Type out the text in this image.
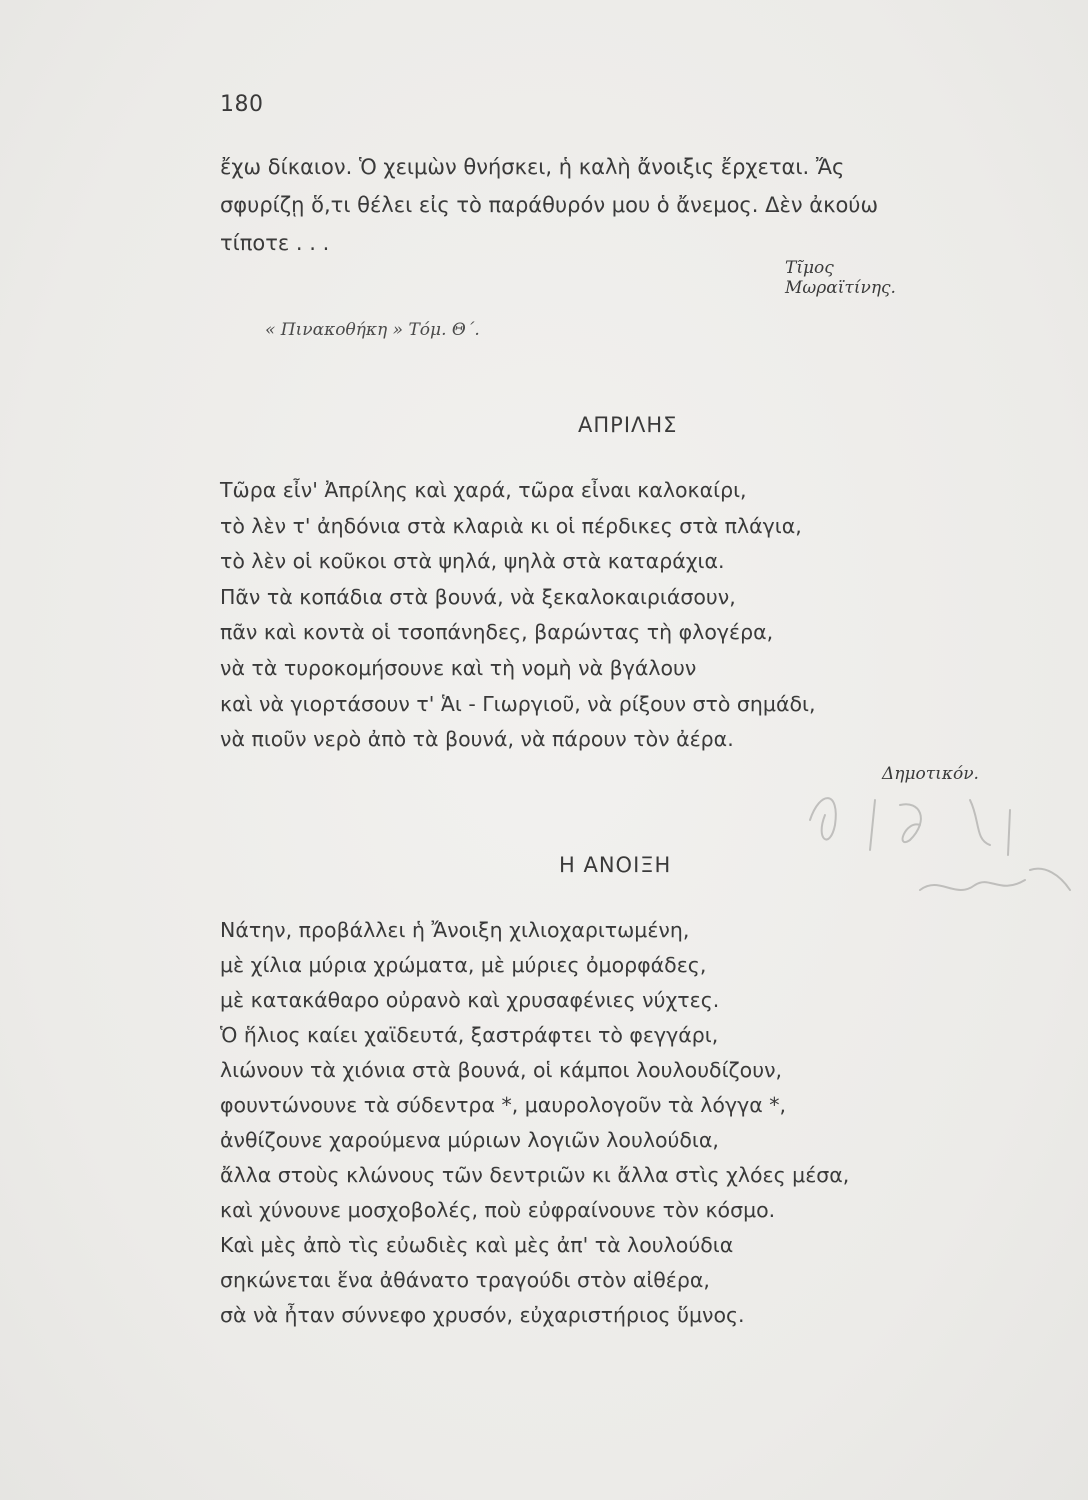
180
ἔχω δίκαιον. Ὁ χειμὼν θνήσκει, ἡ καλὴ ἄνοιξις ἔρχεται. Ἄς
σφυρίζῃ ὅ,τι θέλει εἰς τὸ παράθυρόν μου ὁ ἄνεμος. Δὲν ἀκούω
τίποτε . . .
Τῖμος Μωραϊτίνης.
« Πινακοθήκη » Τόμ. Θ΄.
ΑΠΡΙΛΗΣ
Τῶρα εἶν' Ἀπρίλης καὶ χαρά, τῶρα εἶναι καλοκαίρι,
τὸ λὲν τ' ἀηδόνια στὰ κλαριὰ κι οἱ πέρδικες στὰ πλάγια,
τὸ λὲν οἱ κοῦκοι στὰ ψηλά, ψηλὰ στὰ καταράχια.
Πᾶν τὰ κοπάδια στὰ βουνά, νὰ ξεκαλοκαιριάσουν,
πᾶν καὶ κοντὰ οἱ τσοπάνηδες, βαρώντας τὴ φλογέρα,
νὰ τὰ τυροκομήσουνε καὶ τὴ νομὴ νὰ βγάλουν
καὶ νὰ γιορτάσουν τ' Ἁι - Γιωργιοῦ, νὰ ρίξουν στὸ σημάδι,
νὰ πιοῦν νερὸ ἀπὸ τὰ βουνά, νὰ πάρουν τὸν ἀέρα.
Δημοτικόν.
Η ΑΝΟΙΞΗ
Νάτην, προβάλλει ἡ Ἄνοιξη χιλιοχαριτωμένη,
μὲ χίλια μύρια χρώματα, μὲ μύριες ὀμορφάδες,
μὲ κατακάθαρο οὐρανὸ καὶ χρυσαφένιες νύχτες.
Ὁ ἥλιος καίει χαϊδευτά, ξαστράφτει τὸ φεγγάρι,
λιώνουν τὰ χιόνια στὰ βουνά, οἱ κάμποι λουλουδίζουν,
φουντώνουνε τὰ σύδεντρα *, μαυρολογοῦν τὰ λόγγα *,
ἀνθίζουνε χαρούμενα μύριων λογιῶν λουλούδια,
ἄλλα στοὺς κλώνους τῶν δεντριῶν κι ἄλλα στὶς χλόες μέσα,
καὶ χύνουνε μοσχοβολές, ποὺ εὐφραίνουνε τὸν κόσμο.
Καὶ μὲς ἀπὸ τὶς εὐωδιὲς καὶ μὲς ἀπ' τὰ λουλούδια
σηκώνεται ἕνα ἀθάνατο τραγούδι στὸν αἰθέρα,
σὰ νὰ ἦταν σύννεφο χρυσόν, εὐχαριστήριος ὕμνος.
